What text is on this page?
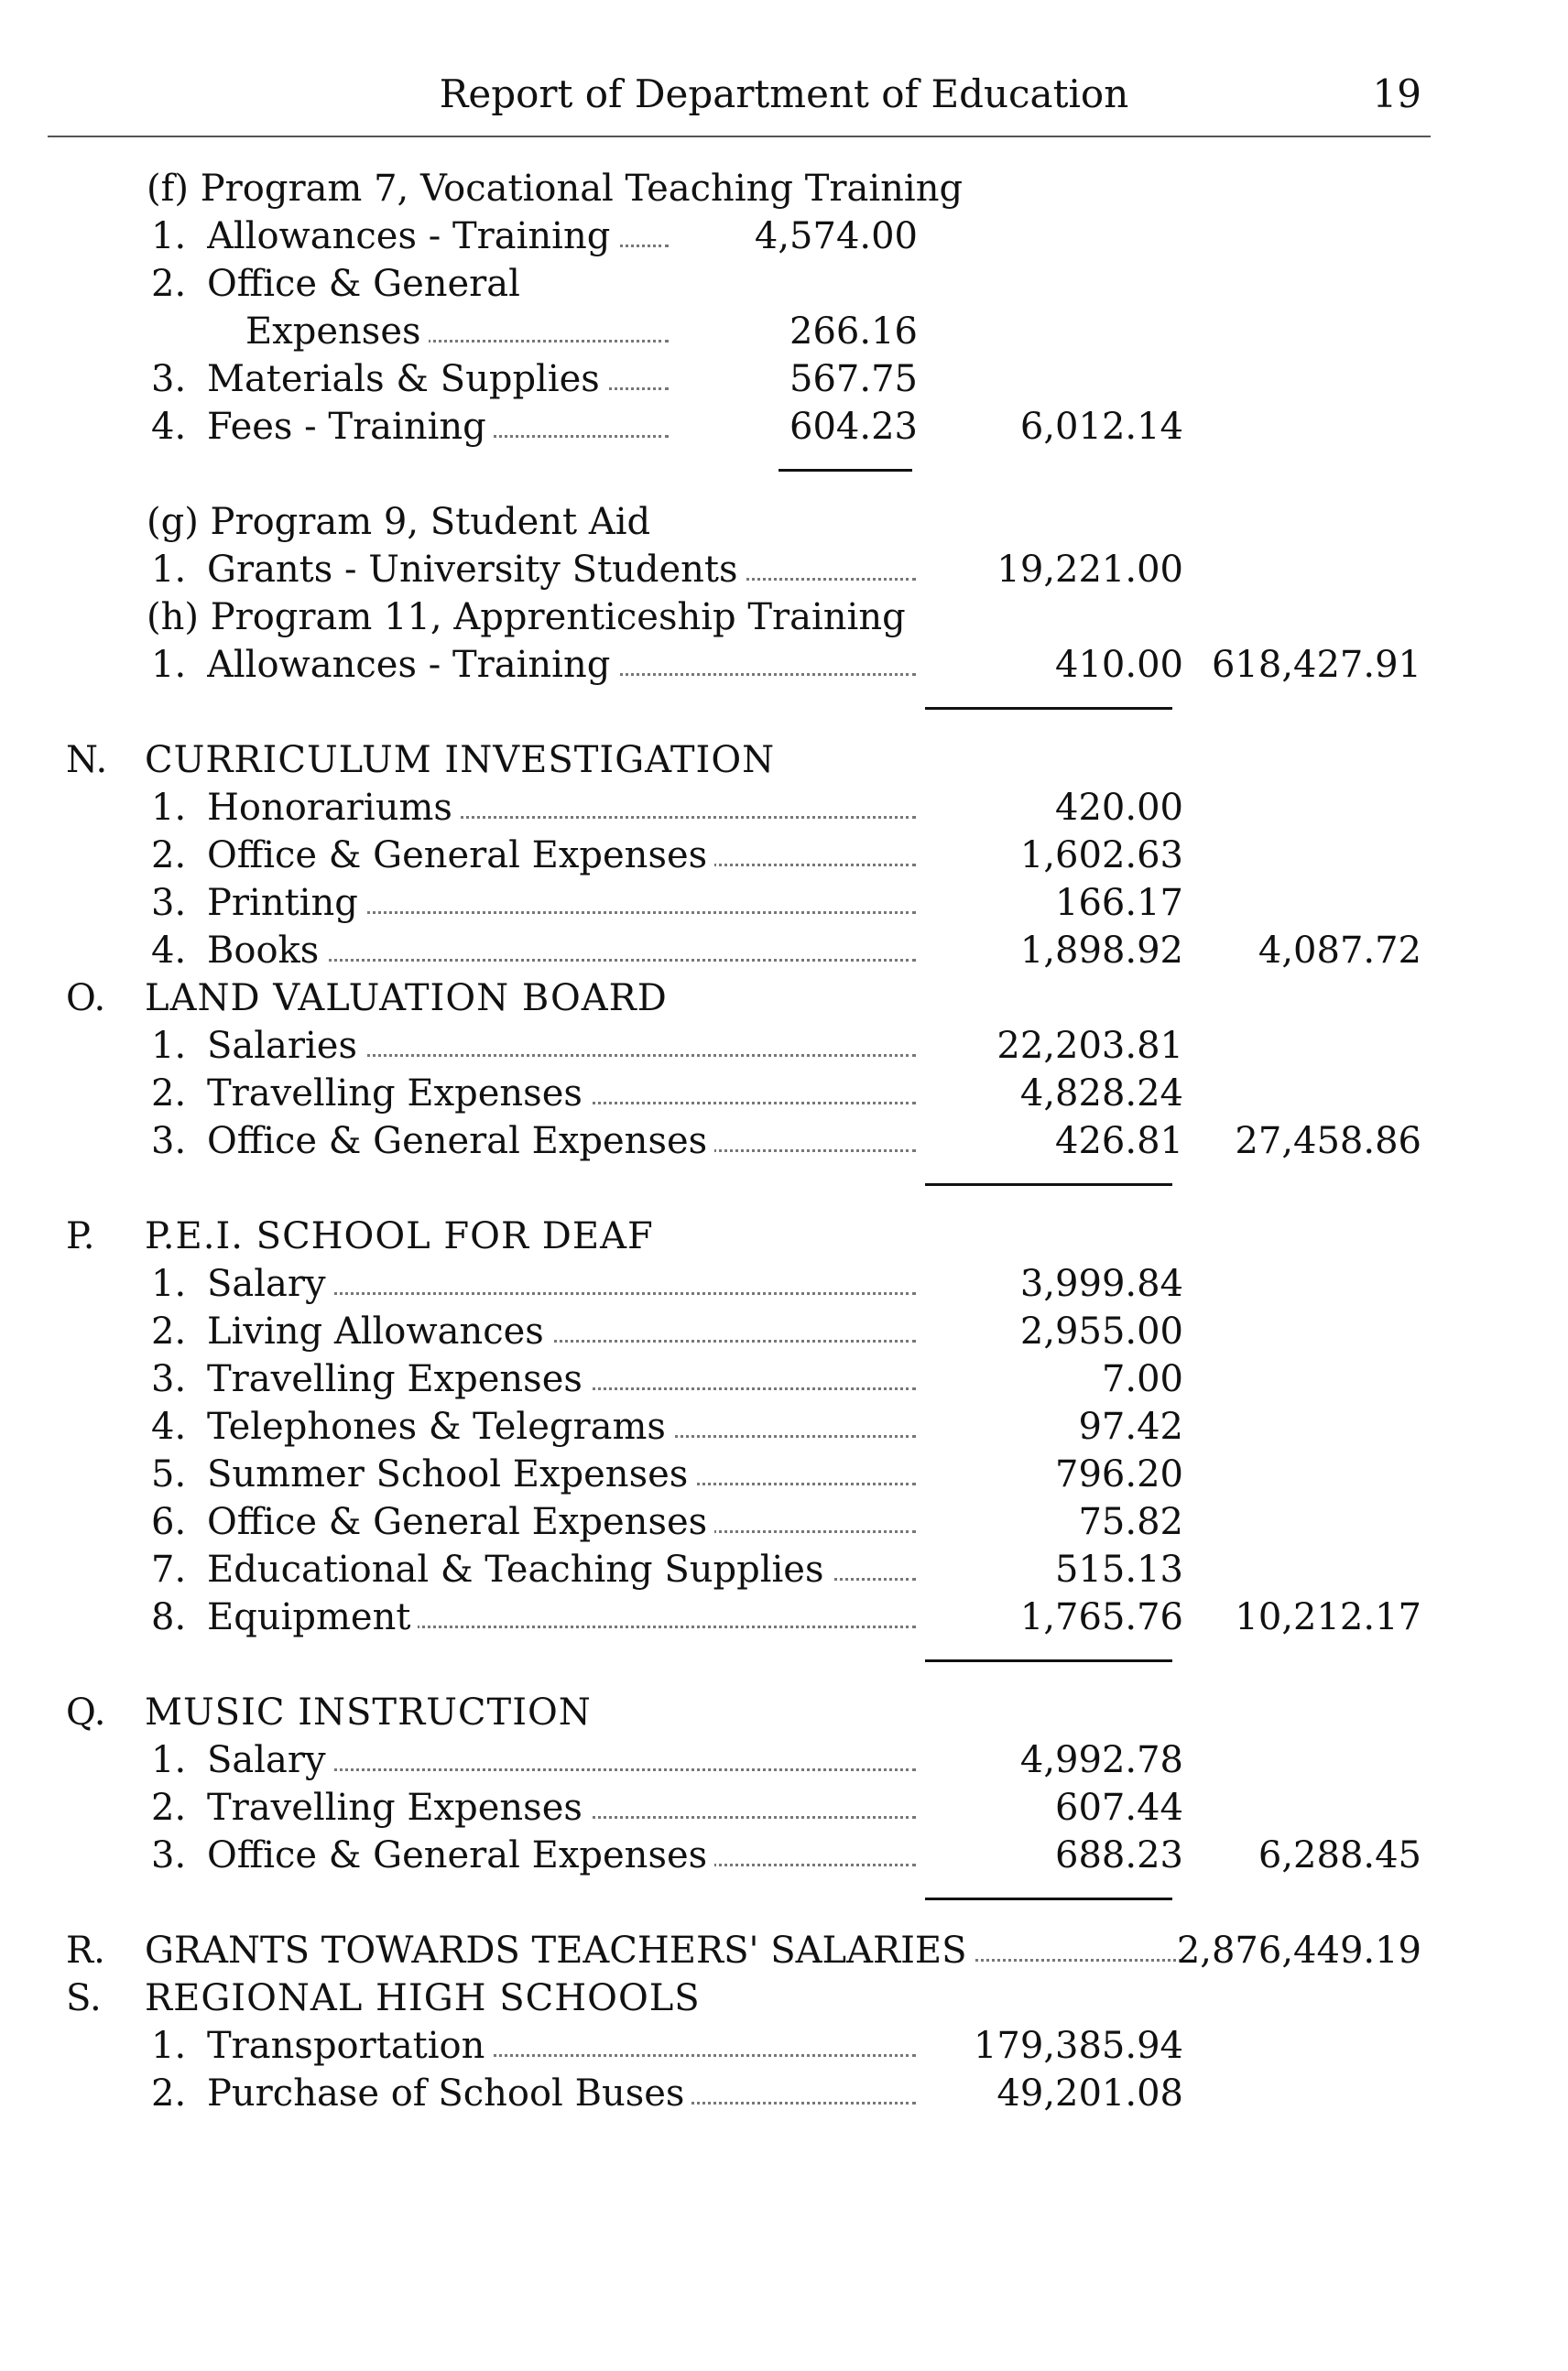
Report of Department of Education	19
(f) Program 7, Vocational Teaching Training
1. Allowances - Training	4,574.00
2. Office & General
Expenses	266.16
3. Materials & Supplies	567.75
4. Fees - Training	604.23	6,012.14
(g) Program 9, Student Aid
1. Grants - University Students	19,221.00
(h) Program 11, Apprenticeship Training
1. Allowances - Training	410.00 618,427.91
N. CURRICULUM INVESTIGATION
1. Honorariums	420.00
2. Office & General Expenses	1,602.63
3. Printing	166.17
4. Books	1,898.92 4,087.72
O. LAND VALUATION BOARD
1. Salaries	22,203.81
2. Travelling Expenses	4,828.24
3. Office & General Expenses	426.81 27,458.86
P. P.E.I. SCHOOL FOR DEAF
1. Salary	3,999.84
2. Living Allowances	2,955.00
3. Travelling Expenses	7.00
4. Telephones & Telegrams	97.42
5. Summer School Expenses	796.20
6. Office & General Expenses	75.82
7. Educational & Teaching Supplies	515.13
8. Equipment	1,765.76 10,212.17
Q. MUSIC INSTRUCTION
1. Salary	4,992.78
2. Travelling Expenses	607.44
3. Office & General Expenses	688.23 6,288.45
R. GRANTS TOWARDS TEACHERS' SALARIES	2,876,449.19
S. REGIONAL HIGH SCHOOLS
1. Transportation	179,385.94
2. Purchase of School Buses	49,201.08
